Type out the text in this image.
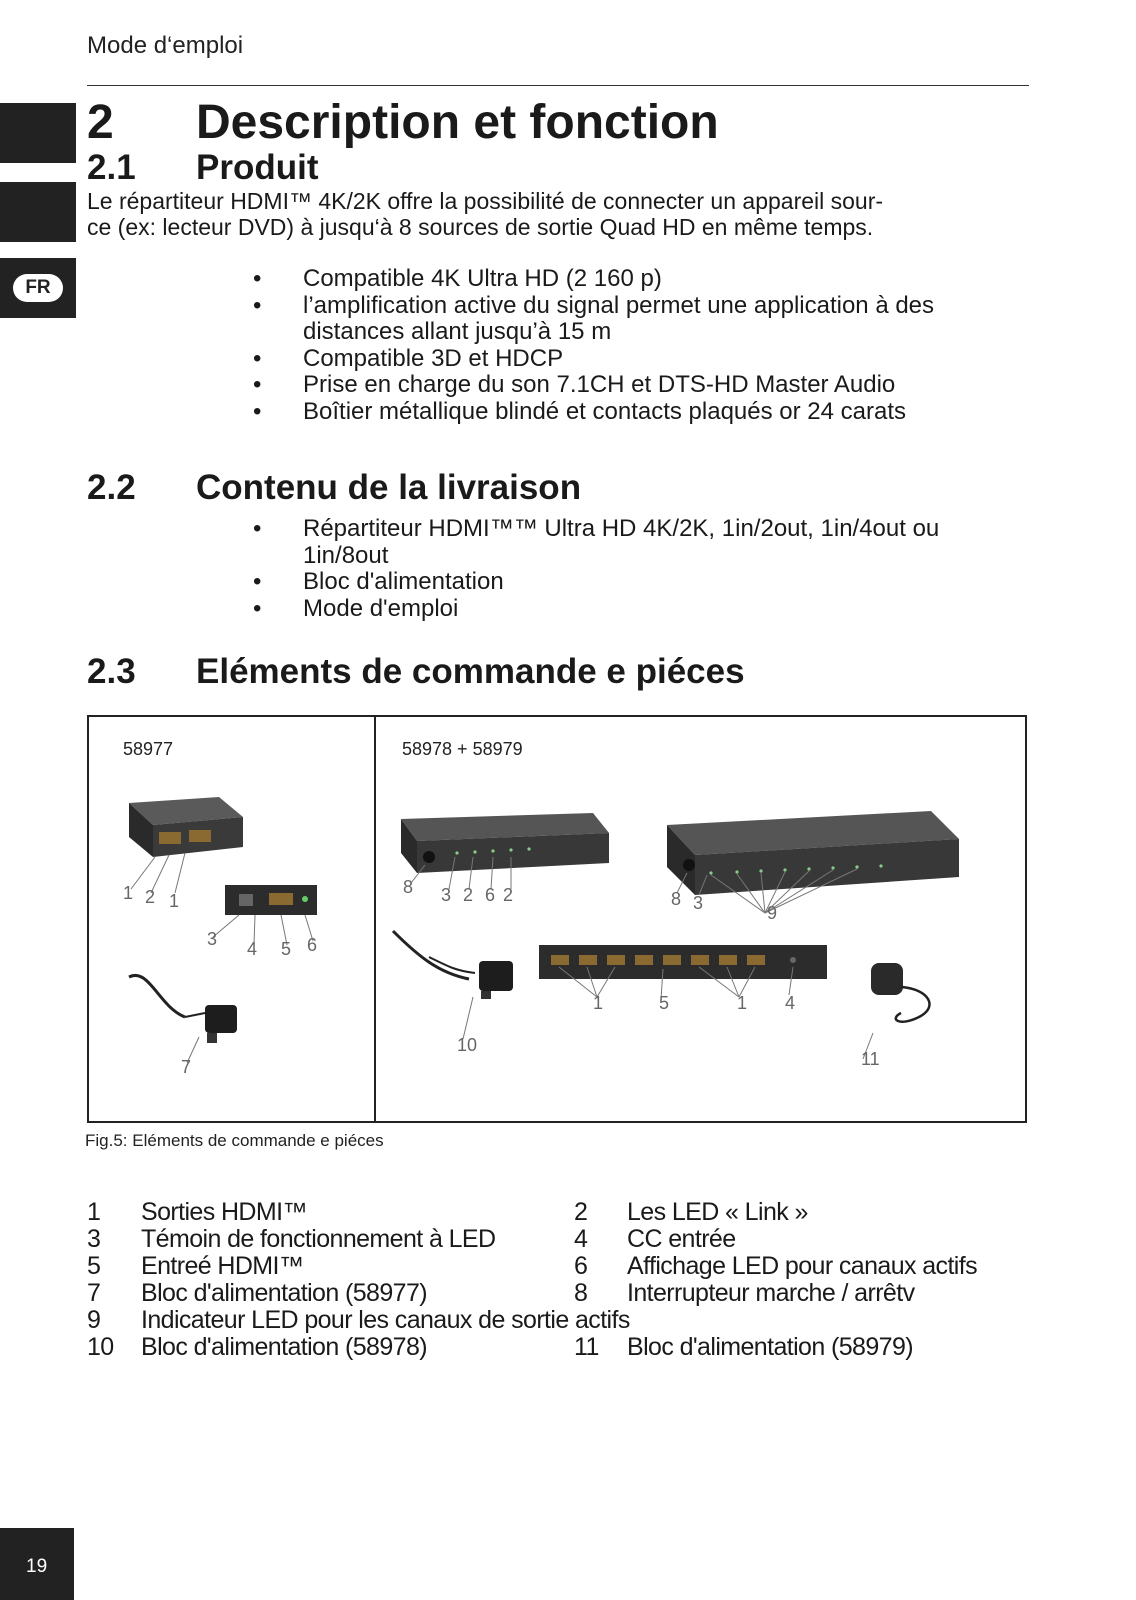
Mode d‘emploi
FR
19
2 Description et fonction
2.1 Produit
Le répartiteur HDMI™ 4K/2K offre la possibilité de connecter un appareil sour-
ce (ex: lecteur DVD) à jusqu‘à 8 sources de sortie Quad HD en même temps.
• Compatible 4K Ultra HD (2 160 p)
• l’amplification active du signal permet une application à des
distances allant jusqu’à 15 m
• Compatible 3D et HDCP
• Prise en charge du son 7.1CH et DTS-HD Master Audio
• Boîtier métallique blindé et contacts plaqués or 24 carats
2.2 Contenu de la livraison
• Répartiteur HDMI™™ Ultra HD 4K/2K, 1in/2out, 1in/4out ou
1in/8out
• Bloc d'alimentation
• Mode d'emploi
2.3 Eléments de commande e piéces
58977	58978 + 58979
1 2 1
3 4 5 6
7
8 3 2 6 2	8 3	9
1	5	1 4
10
11
Fig.5: Eléments de commande e piéces
1 Sorties HDMI™	2 Les LED « Link »
3 Témoin de fonctionnement à LED	4 CC entrée
5 Entreé HDMI™	6 Affichage LED pour canaux actifs
7 Bloc d'alimentation (58977)	8 Interrupteur marche / arrêtv
9 Indicateur LED pour les canaux de sortie actifs
10 Bloc d'alimentation (58978)	11 Bloc d'alimentation (58979)
